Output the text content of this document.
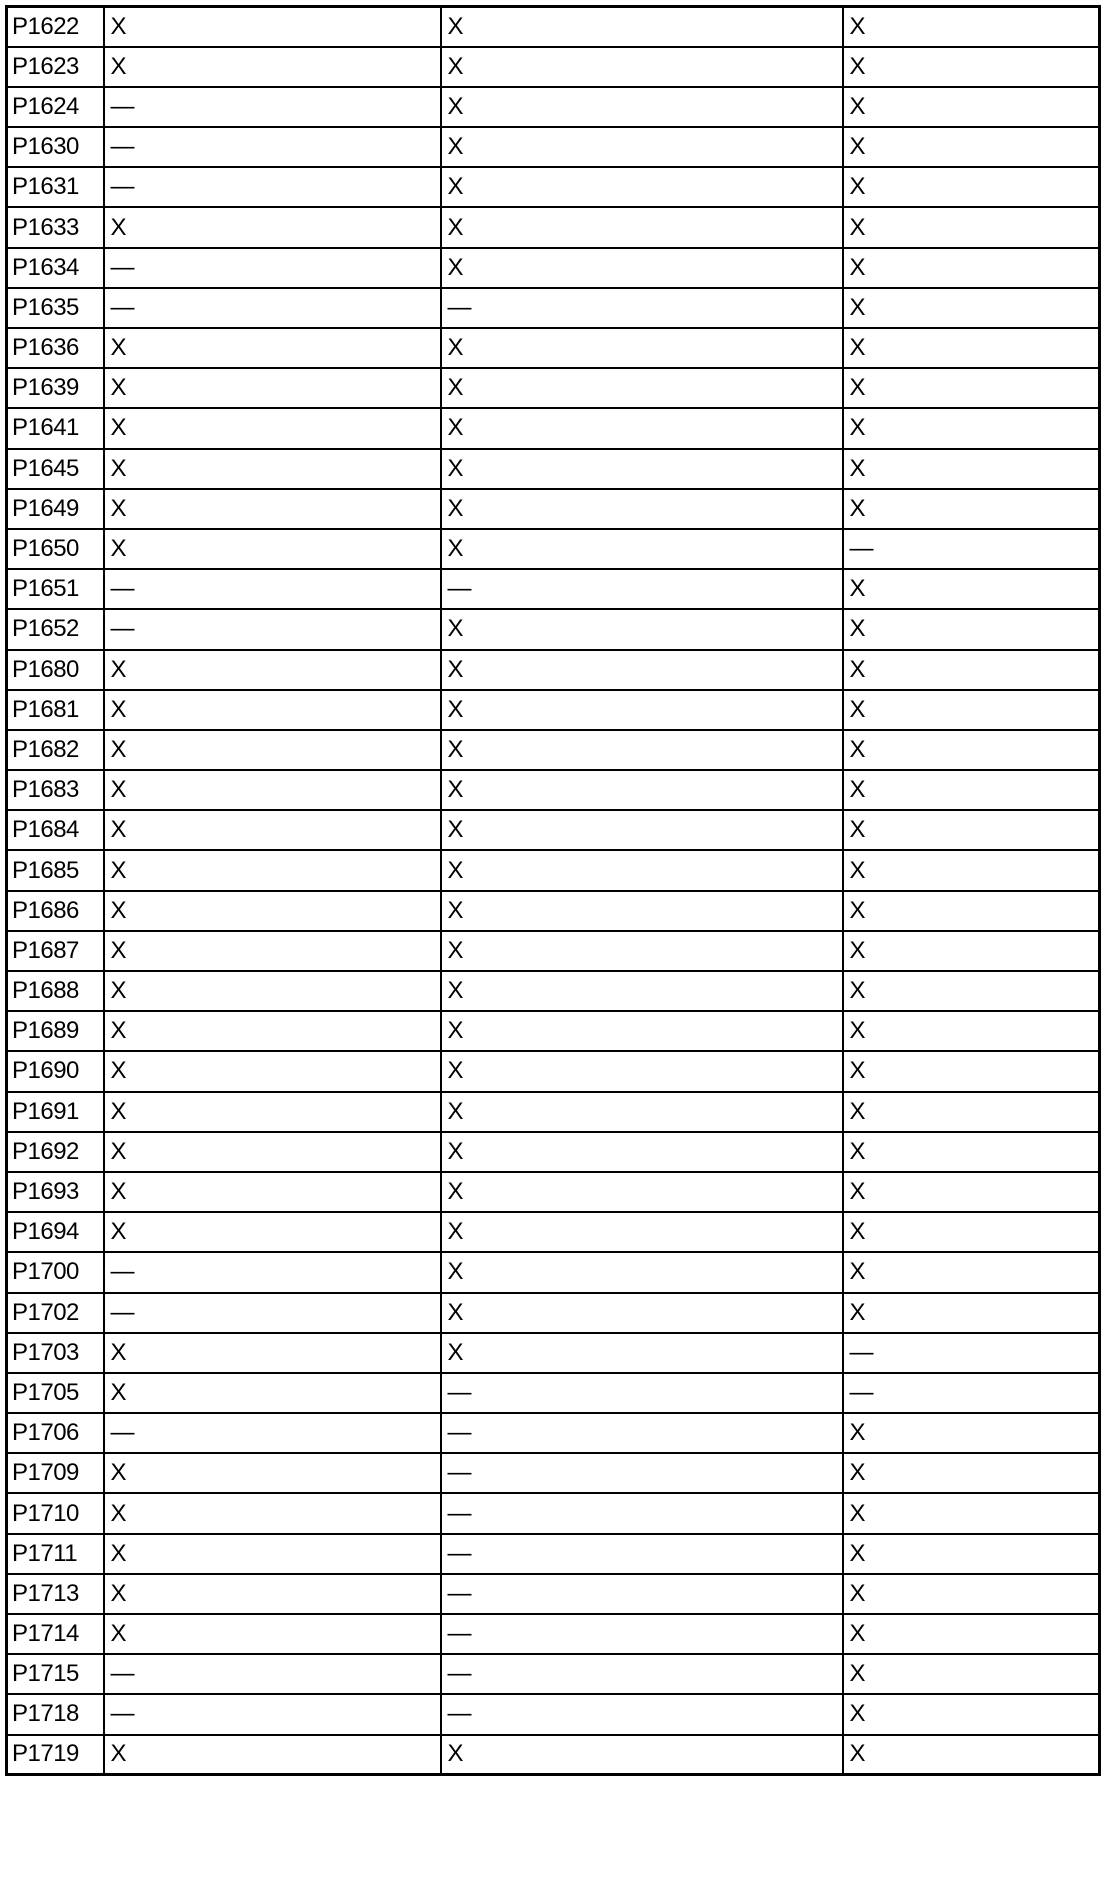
P1622	X	X	X
P1623	X	X	X
P1624	—	X	X
P1630	—	X	X
P1631	—	X	X
P1633	X	X	X
P1634	—	X	X
P1635	—	—	X
P1636	X	X	X
P1639	X	X	X
P1641	X	X	X
P1645	X	X	X
P1649	X	X	X
P1650	X	X	—
P1651	—	—	X
P1652	—	X	X
P1680	X	X	X
P1681	X	X	X
P1682	X	X	X
P1683	X	X	X
P1684	X	X	X
P1685	X	X	X
P1686	X	X	X
P1687	X	X	X
P1688	X	X	X
P1689	X	X	X
P1690	X	X	X
P1691	X	X	X
P1692	X	X	X
P1693	X	X	X
P1694	X	X	X
P1700	—	X	X
P1702	—	X	X
P1703	X	X	—
P1705	X	—	—
P1706	—	—	X
P1709	X	—	X
P1710	X	—	X
P1711	X	—	X
P1713	X	—	X
P1714	X	—	X
P1715	—	—	X
P1718	—	—	X
P1719	X	X	X
